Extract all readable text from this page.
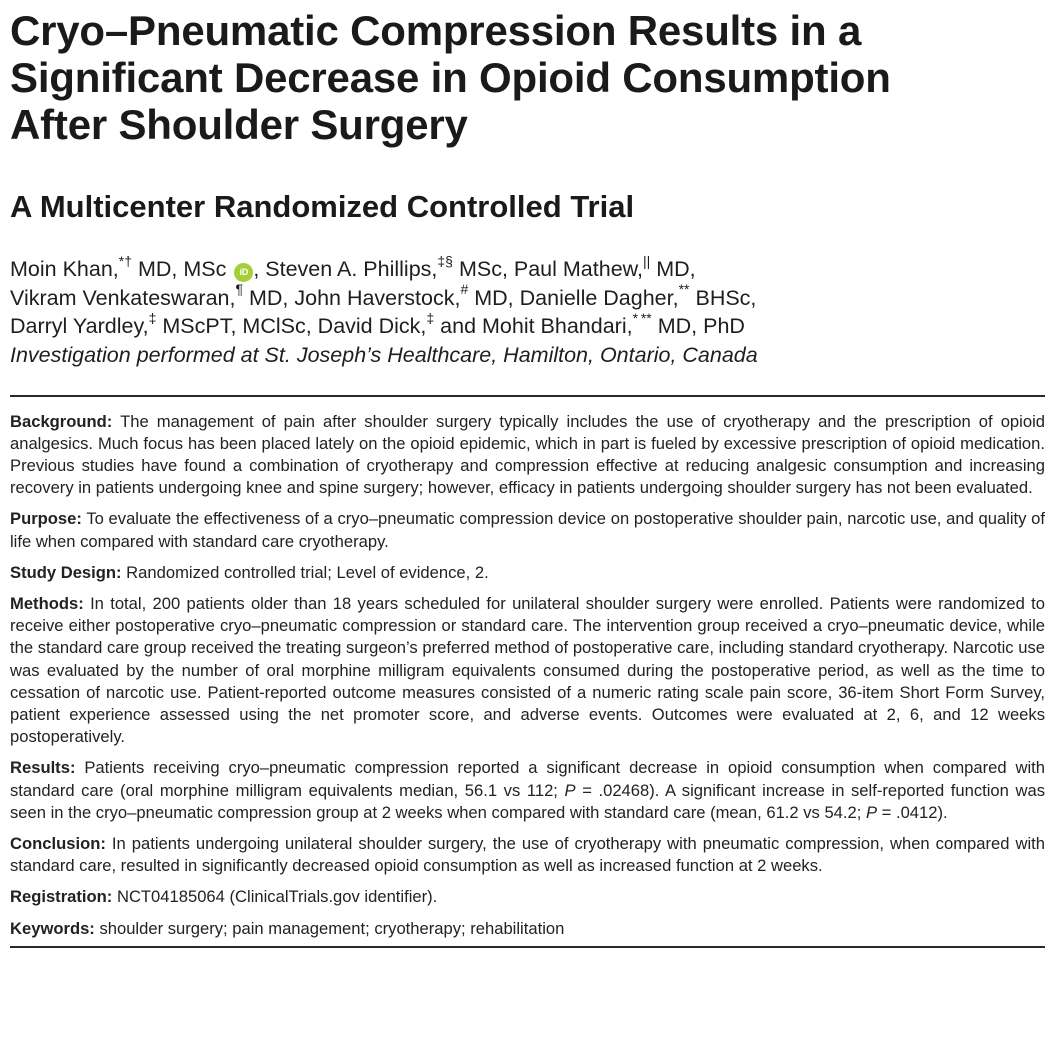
Cryo–Pneumatic Compression Results in a Significant Decrease in Opioid Consumption After Shoulder Surgery
A Multicenter Randomized Controlled Trial
Moin Khan,*† MD, MSc iD , Steven A. Phillips,‡§ MSc, Paul Mathew,|| MD,
Vikram Venkateswaran,¶ MD, John Haverstock,# MD, Danielle Dagher,** BHSc,
Darryl Yardley,‡ MScPT, MClSc, David Dick,‡ and Mohit Bhandari,* ** MD, PhD
Investigation performed at St. Joseph’s Healthcare, Hamilton, Ontario, Canada

Background: The management of pain after shoulder surgery typically includes the use of cryotherapy and the prescription of opioid analgesics. Much focus has been placed lately on the opioid epidemic, which in part is fueled by excessive prescription of opioid medication. Previous studies have found a combination of cryotherapy and compression effective at reducing analgesic consumption and increasing recovery in patients undergoing knee and spine surgery; however, efficacy in patients undergoing shoulder surgery has not been evaluated.

Purpose: To evaluate the effectiveness of a cryo–pneumatic compression device on postoperative shoulder pain, narcotic use, and quality of life when compared with standard care cryotherapy.

Study Design: Randomized controlled trial; Level of evidence, 2.

Methods: In total, 200 patients older than 18 years scheduled for unilateral shoulder surgery were enrolled. Patients were randomized to receive either postoperative cryo–pneumatic compression or standard care. The intervention group received a cryo–pneumatic device, while the standard care group received the treating surgeon’s preferred method of postoperative care, including standard cryotherapy. Narcotic use was evaluated by the number of oral morphine milligram equivalents consumed during the postoperative period, as well as the time to cessation of narcotic use. Patient-reported outcome measures consisted of a numeric rating scale pain score, 36-item Short Form Survey, patient experience assessed using the net promoter score, and adverse events. Outcomes were evaluated at 2, 6, and 12 weeks postoperatively.

Results: Patients receiving cryo–pneumatic compression reported a significant decrease in opioid consumption when compared with standard care (oral morphine milligram equivalents median, 56.1 vs 112; P = .02468). A significant increase in self-reported function was seen in the cryo–pneumatic compression group at 2 weeks when compared with standard care (mean, 61.2 vs 54.2; P = .0412).

Conclusion: In patients undergoing unilateral shoulder surgery, the use of cryotherapy with pneumatic compression, when compared with standard care, resulted in significantly decreased opioid consumption as well as increased function at 2 weeks.

Registration: NCT04185064 (ClinicalTrials.gov identifier).

Keywords: shoulder surgery; pain management; cryotherapy; rehabilitation
